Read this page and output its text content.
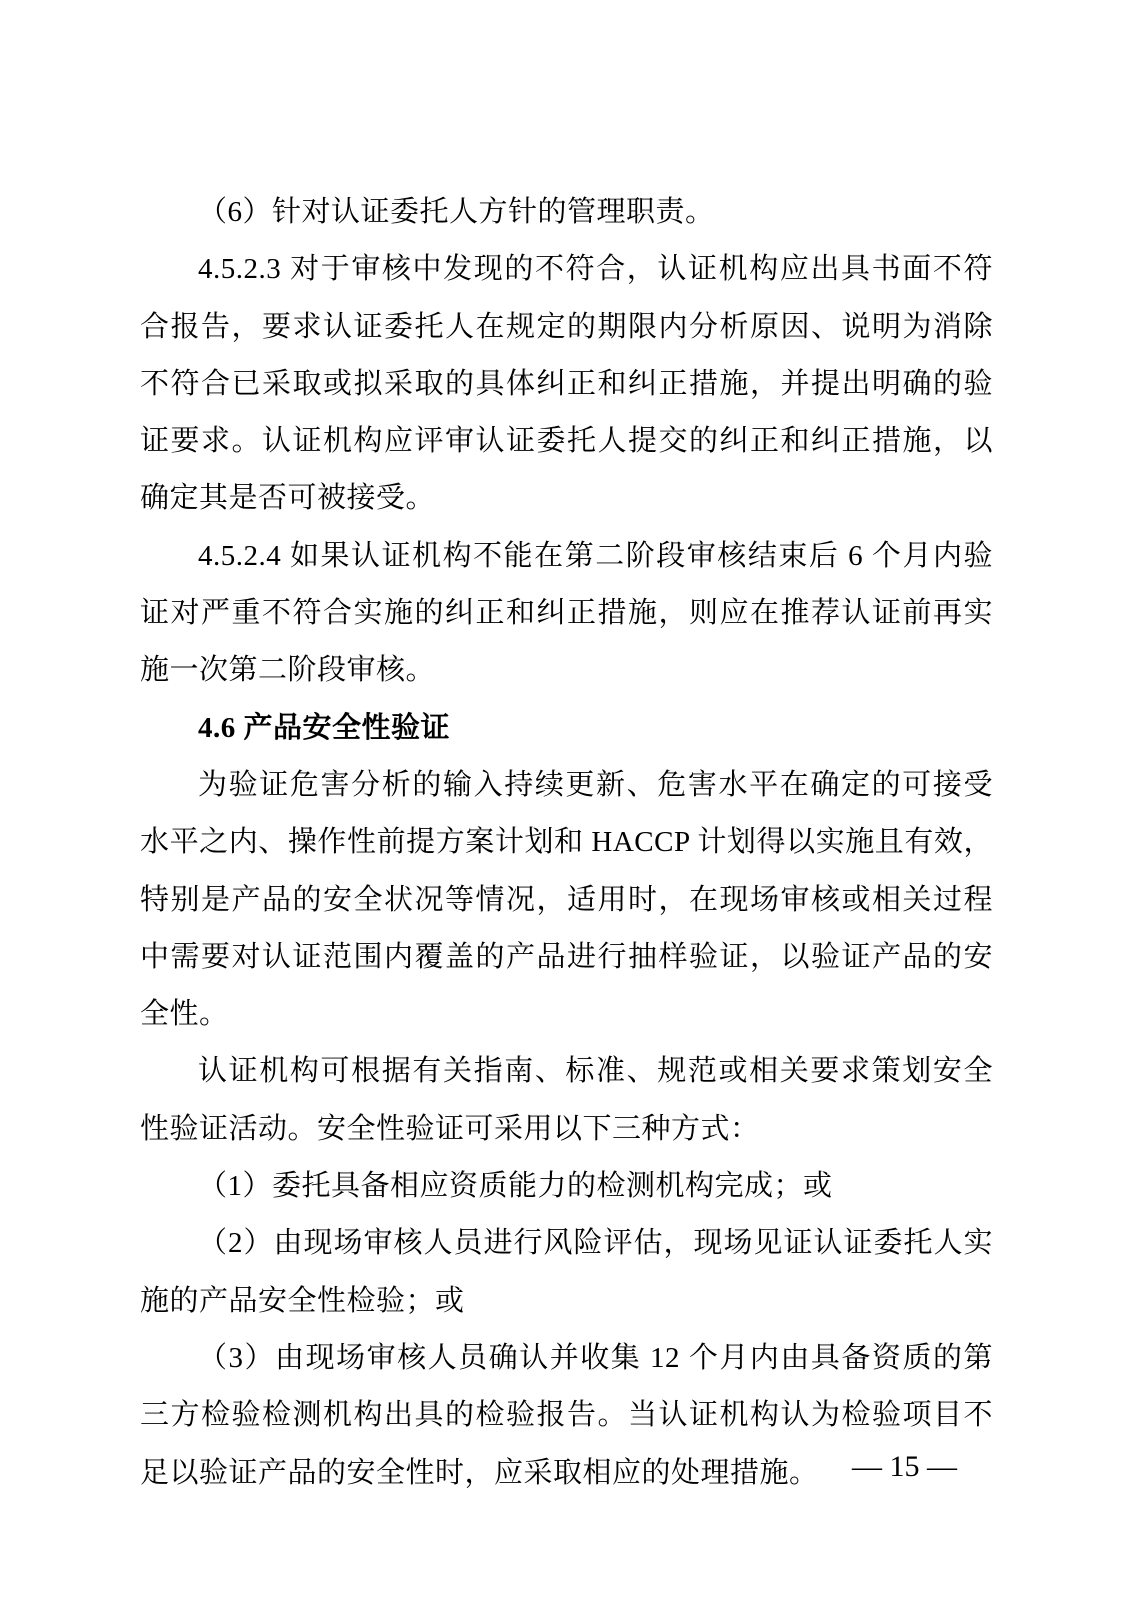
（6）针对认证委托人方针的管理职责。

4.5.2.3 对于审核中发现的不符合，认证机构应出具书面不符合报告，要求认证委托人在规定的期限内分析原因、说明为消除不符合已采取或拟采取的具体纠正和纠正措施，并提出明确的验证要求。认证机构应评审认证委托人提交的纠正和纠正措施，以确定其是否可被接受。

4.5.2.4 如果认证机构不能在第二阶段审核结束后 6 个月内验证对严重不符合实施的纠正和纠正措施，则应在推荐认证前再实施一次第二阶段审核。

4.6 产品安全性验证

为验证危害分析的输入持续更新、危害水平在确定的可接受水平之内、操作性前提方案计划和 HACCP 计划得以实施且有效，特别是产品的安全状况等情况，适用时，在现场审核或相关过程中需要对认证范围内覆盖的产品进行抽样验证，以验证产品的安全性。

认证机构可根据有关指南、标准、规范或相关要求策划安全性验证活动。安全性验证可采用以下三种方式：

（1）委托具备相应资质能力的检测机构完成；或

（2）由现场审核人员进行风险评估，现场见证认证委托人实施的产品安全性检验；或

（3）由现场审核人员确认并收集 12 个月内由具备资质的第三方检验检测机构出具的检验报告。当认证机构认为检验项目不足以验证产品的安全性时，应采取相应的处理措施。	— 15 —
